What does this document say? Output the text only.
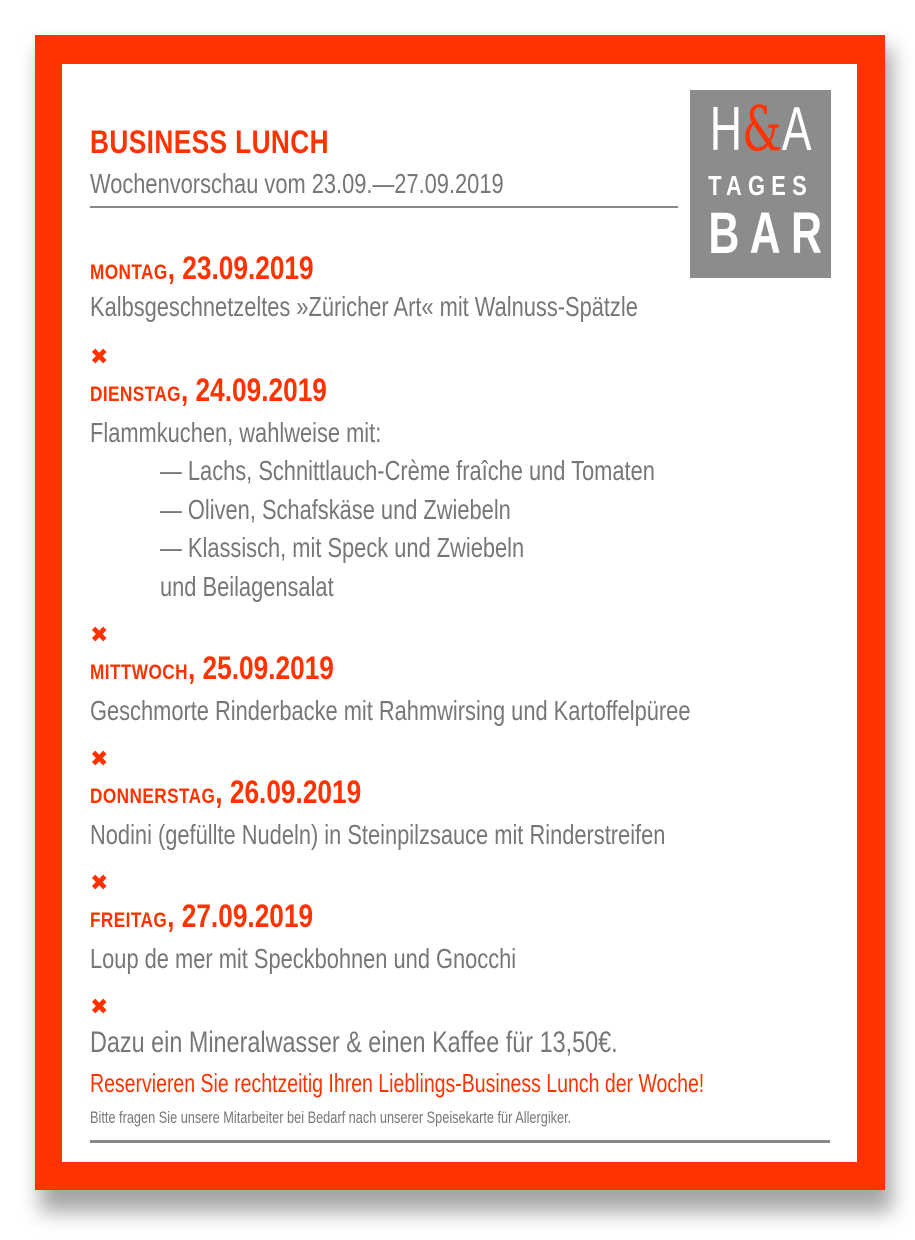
BUSINESS LUNCH
Wochenvorschau vom 23.09.—27.09.2019
H&A
TAGES
BAR
MONTAG, 23.09.2019
Kalbsgeschnetzeltes »Züricher Art« mit Walnuss-Spätzle
✖
DIENSTAG, 24.09.2019
Flammkuchen, wahlweise mit:
— Lachs, Schnittlauch-Crème fraîche und Tomaten
— Oliven, Schafskäse und Zwiebeln
— Klassisch, mit Speck und Zwiebeln
und Beilagensalat
✖
MITTWOCH, 25.09.2019
Geschmorte Rinderbacke mit Rahmwirsing und Kartoffelpüree
✖
DONNERSTAG, 26.09.2019
Nodini (gefüllte Nudeln) in Steinpilzsauce mit Rinderstreifen
✖
FREITAG, 27.09.2019
Loup de mer mit Speckbohnen und Gnocchi
✖
Dazu ein Mineralwasser & einen Kaffee für 13,50€.
Reservieren Sie rechtzeitig Ihren Lieblings-Business Lunch der Woche!
Bitte fragen Sie unsere Mitarbeiter bei Bedarf nach unserer Speisekarte für Allergiker.
